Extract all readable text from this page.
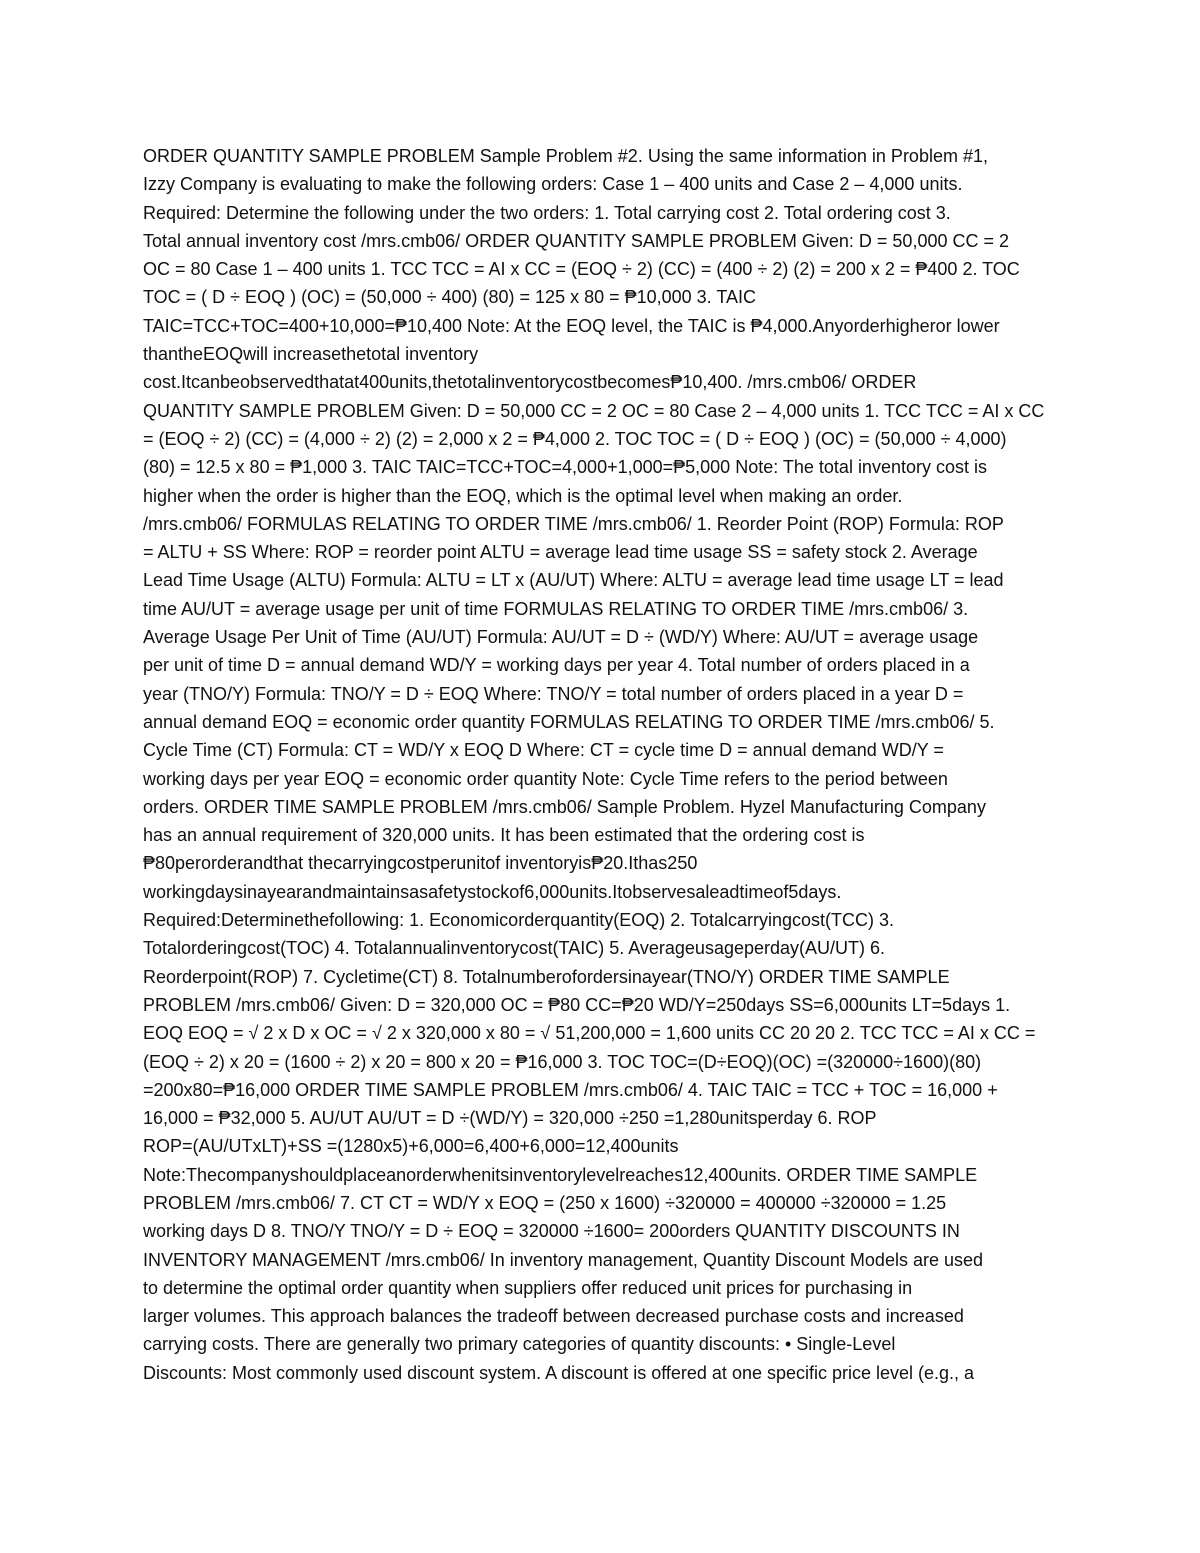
ORDER QUANTITY SAMPLE PROBLEM Sample Problem #2. Using the same information in Problem #1,
Izzy Company is evaluating to make the following orders: Case 1 – 400 units and Case 2 – 4,000 units.
Required: Determine the following under the two orders: 1. Total carrying cost 2. Total ordering cost 3.
Total annual inventory cost /mrs.cmb06/ ORDER QUANTITY SAMPLE PROBLEM Given: D = 50,000 CC = 2
OC = 80 Case 1 – 400 units 1. TCC TCC = AI x CC = (EOQ ÷ 2) (CC) = (400 ÷ 2) (2) = 200 x 2 = ₱400 2. TOC
TOC = ( D ÷ EOQ ) (OC) = (50,000 ÷ 400) (80) = 125 x 80 = ₱10,000 3. TAIC
TAIC=TCC+TOC=400+10,000=₱10,400 Note: At the EOQ level, the TAIC is ₱4,000.Anyorderhigheror lower
thantheEOQwill increasethetotal inventory
cost.Itcanbeobservedthatat400units,thetotalinventorycostbecomes₱10,400. /mrs.cmb06/ ORDER
QUANTITY SAMPLE PROBLEM Given: D = 50,000 CC = 2 OC = 80 Case 2 – 4,000 units 1. TCC TCC = AI x CC
= (EOQ ÷ 2) (CC) = (4,000 ÷ 2) (2) = 2,000 x 2 = ₱4,000 2. TOC TOC = ( D ÷ EOQ ) (OC) = (50,000 ÷ 4,000)
(80) = 12.5 x 80 = ₱1,000 3. TAIC TAIC=TCC+TOC=4,000+1,000=₱5,000 Note: The total inventory cost is
higher when the order is higher than the EOQ, which is the optimal level when making an order.
/mrs.cmb06/ FORMULAS RELATING TO ORDER TIME /mrs.cmb06/ 1. Reorder Point (ROP) Formula: ROP
= ALTU + SS Where: ROP = reorder point ALTU = average lead time usage SS = safety stock 2. Average
Lead Time Usage (ALTU) Formula: ALTU = LT x (AU/UT) Where: ALTU = average lead time usage LT = lead
time AU/UT = average usage per unit of time FORMULAS RELATING TO ORDER TIME /mrs.cmb06/ 3.
Average Usage Per Unit of Time (AU/UT) Formula: AU/UT = D ÷ (WD/Y) Where: AU/UT = average usage
per unit of time D = annual demand WD/Y = working days per year 4. Total number of orders placed in a
year (TNO/Y) Formula: TNO/Y = D ÷ EOQ Where: TNO/Y = total number of orders placed in a year D =
annual demand EOQ = economic order quantity FORMULAS RELATING TO ORDER TIME /mrs.cmb06/ 5.
Cycle Time (CT) Formula: CT = WD/Y x EOQ D Where: CT = cycle time D = annual demand WD/Y =
working days per year EOQ = economic order quantity Note: Cycle Time refers to the period between
orders. ORDER TIME SAMPLE PROBLEM /mrs.cmb06/ Sample Problem. Hyzel Manufacturing Company
has an annual requirement of 320,000 units. It has been estimated that the ordering cost is
₱80perorderandthat thecarryingcostperunitof inventoryis₱20.Ithas250
workingdaysinayearandmaintainsasafetystockof6,000units.Itobservesaleadtimeof5days.
Required:Determinethefollowing: 1. Economicorderquantity(EOQ) 2. Totalcarryingcost(TCC) 3.
Totalorderingcost(TOC) 4. Totalannualinventorycost(TAIC) 5. Averageusageperday(AU/UT) 6.
Reorderpoint(ROP) 7. Cycletime(CT) 8. Totalnumberofordersinayear(TNO/Y) ORDER TIME SAMPLE
PROBLEM /mrs.cmb06/ Given: D = 320,000 OC = ₱80 CC=₱20 WD/Y=250days SS=6,000units LT=5days 1.
EOQ EOQ = √ 2 x D x OC = √ 2 x 320,000 x 80 = √ 51,200,000 = 1,600 units CC 20 20 2. TCC TCC = AI x CC =
(EOQ ÷ 2) x 20 = (1600 ÷ 2) x 20 = 800 x 20 = ₱16,000 3. TOC TOC=(D÷EOQ)(OC) =(320000÷1600)(80)
=200x80=₱16,000 ORDER TIME SAMPLE PROBLEM /mrs.cmb06/ 4. TAIC TAIC = TCC + TOC = 16,000 +
16,000 = ₱32,000 5. AU/UT AU/UT = D ÷(WD/Y) = 320,000 ÷250 =1,280unitsperday 6. ROP
ROP=(AU/UTxLT)+SS =(1280x5)+6,000=6,400+6,000=12,400units
Note:Thecompanyshouldplaceanorderwhenitsinventorylevelreaches12,400units. ORDER TIME SAMPLE
PROBLEM /mrs.cmb06/ 7. CT CT = WD/Y x EOQ = (250 x 1600) ÷320000 = 400000 ÷320000 = 1.25
working days D 8. TNO/Y TNO/Y = D ÷ EOQ = 320000 ÷1600= 200orders QUANTITY DISCOUNTS IN
INVENTORY MANAGEMENT /mrs.cmb06/ In inventory management, Quantity Discount Models are used
to determine the optimal order quantity when suppliers offer reduced unit prices for purchasing in
larger volumes. This approach balances the tradeoff between decreased purchase costs and increased
carrying costs. There are generally two primary categories of quantity discounts: • Single-Level
Discounts: Most commonly used discount system. A discount is offered at one specific price level (e.g., a
